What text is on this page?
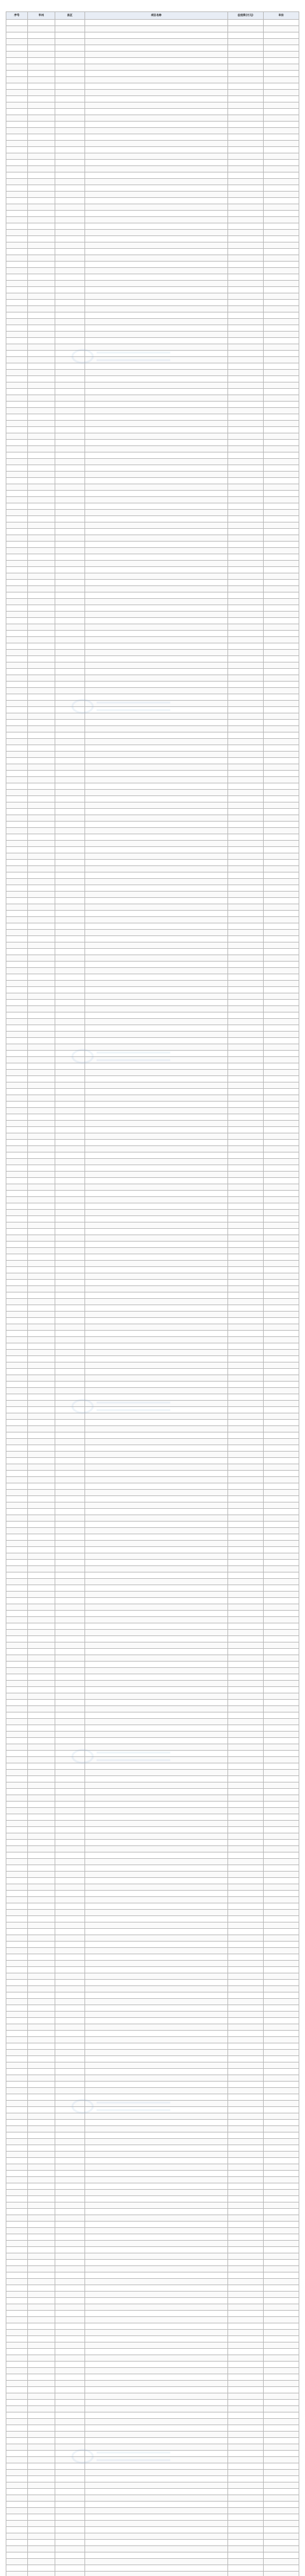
序号	市州	县区	项目名称	总投资(万元)	年份
